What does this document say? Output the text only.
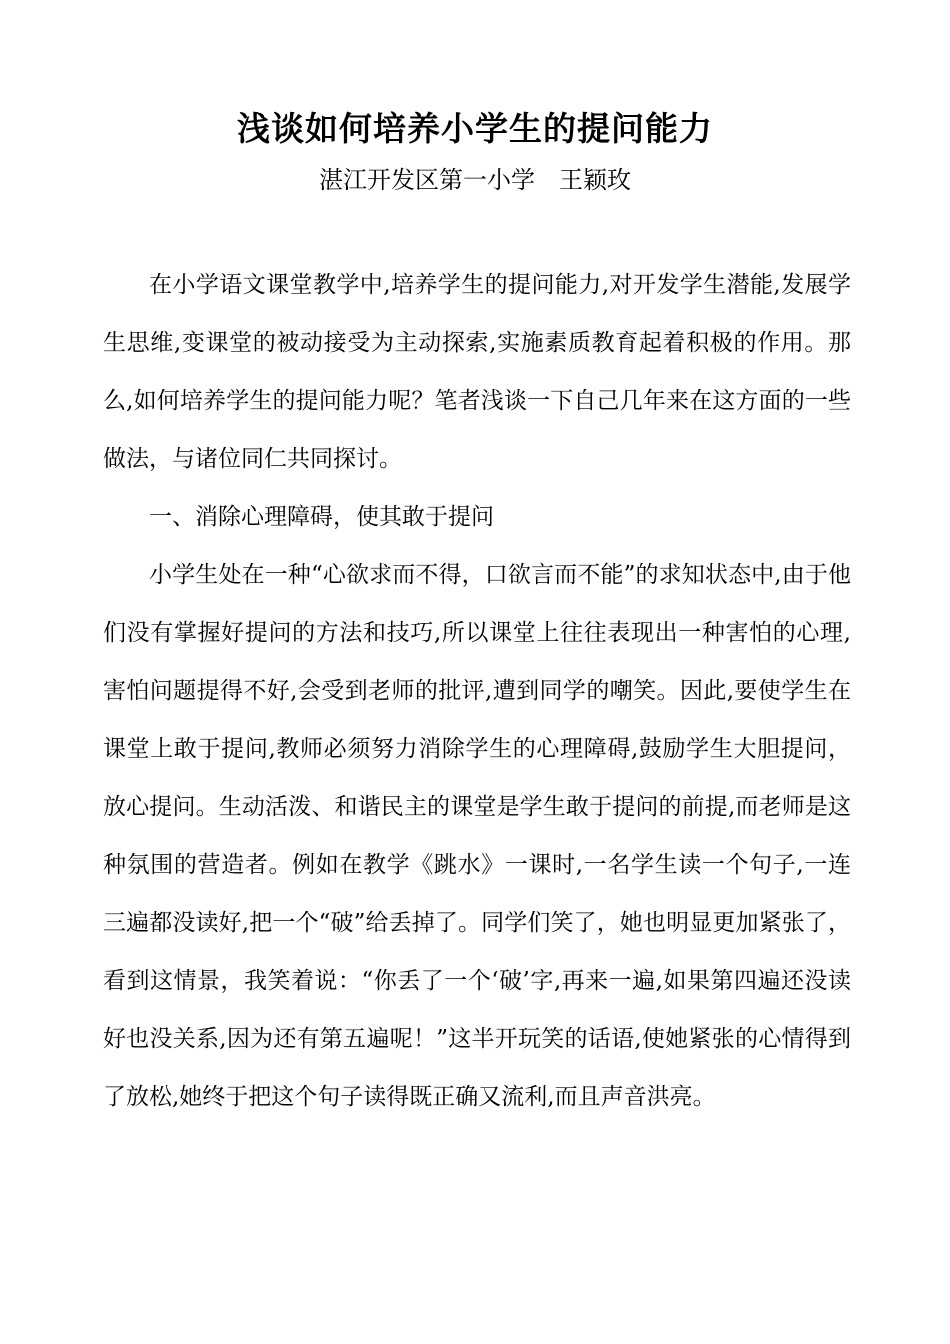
浅谈如何培养小学生的提问能力
湛江开发区第一小学　王颖玫

在小学语文课堂教学中,培养学生的提问能力,对开发学生潜能,发展学生思维,变课堂的被动接受为主动探索,实施素质教育起着积极的作用。那么,如何培养学生的提问能力呢？笔者浅谈一下自己几年来在这方面的一些做法，与诸位同仁共同探讨。

一、消除心理障碍，使其敢于提问

小学生处在一种“心欲求而不得，口欲言而不能”的求知状态中,由于他们没有掌握好提问的方法和技巧,所以课堂上往往表现出一种害怕的心理,害怕问题提得不好,会受到老师的批评,遭到同学的嘲笑。因此,要使学生在课堂上敢于提问,教师必须努力消除学生的心理障碍,鼓励学生大胆提问，放心提问。生动活泼、和谐民主的课堂是学生敢于提问的前提,而老师是这种氛围的营造者。例如在教学《跳水》一课时,一名学生读一个句子,一连三遍都没读好,把一个“破”给丢掉了。同学们笑了，她也明显更加紧张了，看到这情景，我笑着说：“你丢了一个‘破’字,再来一遍,如果第四遍还没读好也没关系,因为还有第五遍呢！”这半开玩笑的话语,使她紧张的心情得到了放松,她终于把这个句子读得既正确又流利,而且声音洪亮。
